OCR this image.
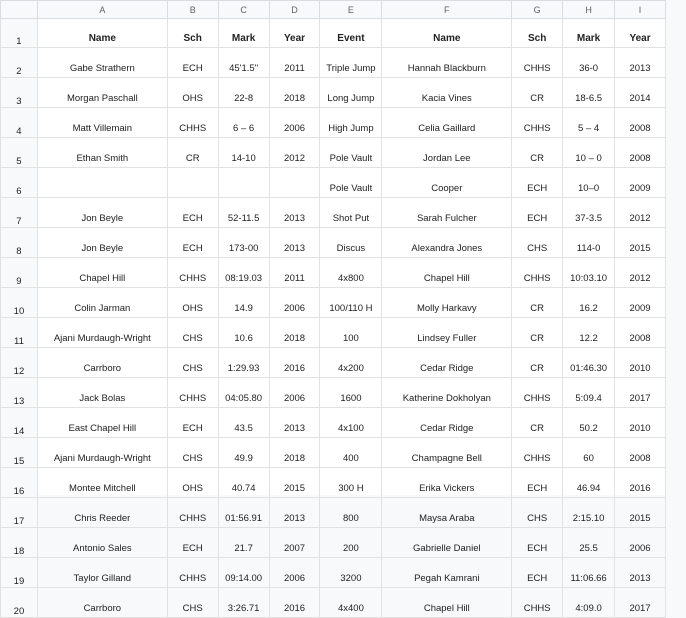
	A	B	C	D	E	F	G	H	I
1	Name	Sch	Mark	Year	Event	Name	Sch	Mark	Year
2	Gabe Strathern	ECH	45'1.5"	2011	Triple Jump	Hannah Blackburn	CHHS	36-0	2013
3	Morgan Paschall	OHS	22-8	2018	Long Jump	Kacia Vines	CR	18-6.5	2014
4	Matt Villemain	CHHS	6 – 6	2006	High Jump	Celia Gaillard	CHHS	5 – 4	2008
5	Ethan Smith	CR	14-10	2012	Pole Vault	Jordan Lee	CR	10 – 0	2008
6					Pole Vault	Cooper	ECH	10–0	2009
7	Jon Beyle	ECH	52-11.5	2013	Shot Put	Sarah Fulcher	ECH	37-3.5	2012
8	Jon Beyle	ECH	173-00	2013	Discus	Alexandra Jones	CHS	114-0	2015
9	Chapel Hill	CHHS	08:19.03	2011	4x800	Chapel Hill	CHHS	10:03.10	2012
10	Colin Jarman	OHS	14.9	2006	100/110 H	Molly Harkavy	CR	16.2	2009
11	Ajani Murdaugh-Wright	CHS	10.6	2018	100	Lindsey Fuller	CR	12.2	2008
12	Carrboro	CHS	1:29.93	2016	4x200	Cedar Ridge	CR	01:46.30	2010
13	Jack Bolas	CHHS	04:05.80	2006	1600	Katherine Dokholyan	CHHS	5:09.4	2017
14	East Chapel Hill	ECH	43.5	2013	4x100	Cedar Ridge	CR	50.2	2010
15	Ajani Murdaugh-Wright	CHS	49.9	2018	400	Champagne Bell	CHHS	60	2008
16	Montee Mitchell	OHS	40.74	2015	300 H	Erika Vickers	ECH	46.94	2016
17	Chris Reeder	CHHS	01:56.91	2013	800	Maysa Araba	CHS	2:15.10	2015
18	Antonio Sales	ECH	21.7	2007	200	Gabrielle Daniel	ECH	25.5	2006
19	Taylor Gilland	CHHS	09:14.00	2006	3200	Pegah Kamrani	ECH	11:06.66	2013
20	Carrboro	CHS	3:26.71	2016	4x400	Chapel Hill	CHHS	4:09.0	2017
